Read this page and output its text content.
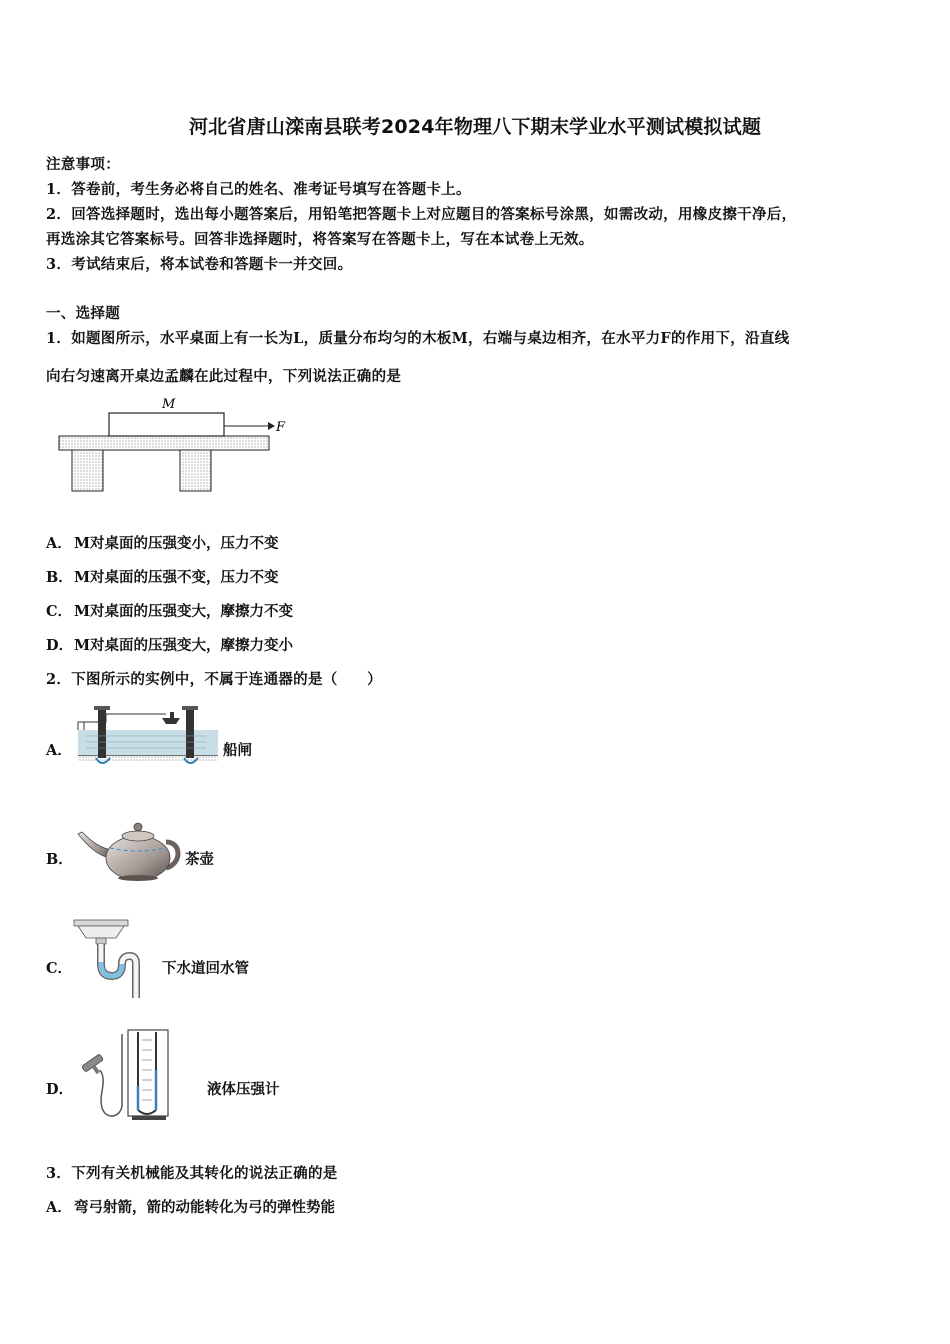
河北省唐山滦南县联考2024年物理八下期末学业水平测试模拟试题
注意事项：
1．答卷前，考生务必将自己的姓名、准考证号填写在答题卡上。
2．回答选择题时，选出每小题答案后，用铅笔把答题卡上对应题目的答案标号涂黑，如需改动，用橡皮擦干净后，
再选涂其它答案标号。回答非选择题时，将答案写在答题卡上，写在本试卷上无效。
3．考试结束后，将本试卷和答题卡一并交回。
一、选择题
1．如题图所示，水平桌面上有一长为L，质量分布均匀的木板M，右端与桌边相齐，在水平力F的作用下，沿直线
向右匀速离开桌边孟麟在此过程中，下列说法正确的是
M
F
A． M对桌面的压强变小，压力不变
B． M对桌面的压强不变，压力不变
C． M对桌面的压强变大，摩擦力不变
D． M对桌面的压强变大，摩擦力变小
2．下图所示的实例中，不属于连通器的是（　　）
A．	船闸
B．	茶壶
C．	下水道回水管
D．	液体压强计
3．下列有关机械能及其转化的说法正确的是
A． 弯弓射箭，箭的动能转化为弓的弹性势能
